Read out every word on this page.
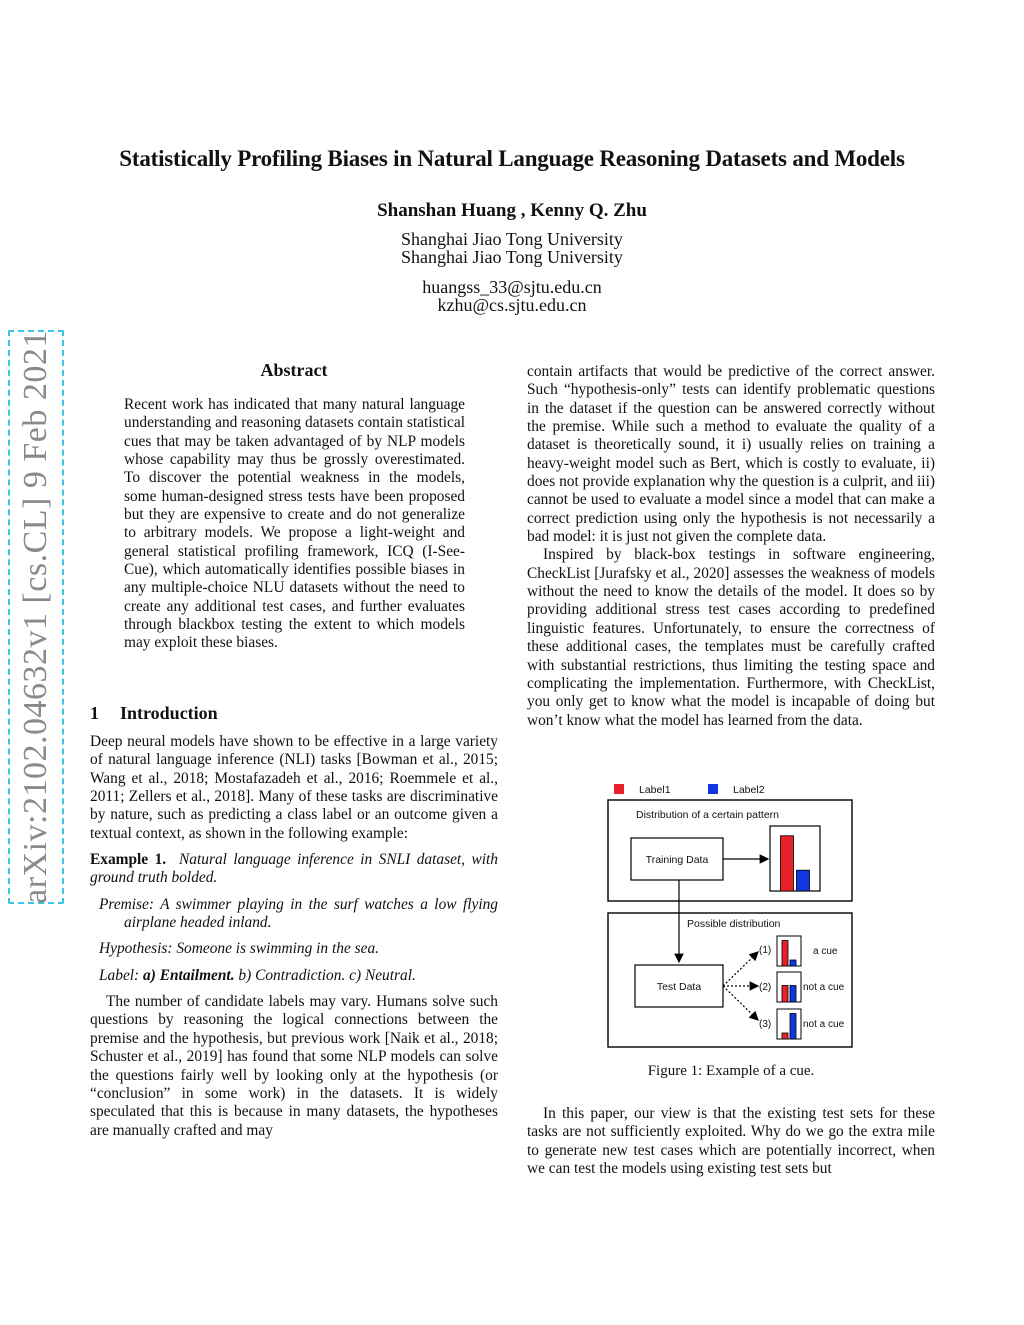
Statistically Profiling Biases in Natural Language Reasoning Datasets and Models
Shanshan Huang , Kenny Q. Zhu
Shanghai Jiao Tong University
Shanghai Jiao Tong University
huangss_33@sjtu.edu.cn
kzhu@cs.sjtu.edu.cn
arXiv:2102.04632v1 [cs.CL] 9 Feb 2021	Abstract

Recent work has indicated that many natural language understanding and reasoning datasets contain statistical cues that may be taken advantaged of by NLP models whose capability may thus be grossly overestimated. To discover the potential weakness in the models, some human-designed stress tests have been proposed but they are expensive to create and do not generalize to arbitrary models. We propose a light-weight and general statistical profiling framework, ICQ (I-See-Cue), which automatically identifies possible biases in any multiple-choice NLU datasets without the need to create any additional test cases, and further evaluates through blackbox testing the extent to which models may exploit these biases.

1 Introduction

Deep neural models have shown to be effective in a large variety of natural language inference (NLI) tasks [Bowman et al., 2015; Wang et al., 2018; Mostafazadeh et al., 2016; Roemmele et al., 2011; Zellers et al., 2018]. Many of these tasks are discriminative by nature, such as predicting a class label or an outcome given a textual context, as shown in the following example:

Example 1. Natural language inference in SNLI dataset, with ground truth bolded.

Premise: A swimmer playing in the surf watches a low flying airplane headed inland.

Hypothesis: Someone is swimming in the sea.

Label: a) Entailment. b) Contradiction. c) Neutral.

The number of candidate labels may vary. Humans solve such questions by reasoning the logical connections between the premise and the hypothesis, but previous work [Naik et al., 2018; Schuster et al., 2019] has found that some NLP models can solve the questions fairly well by looking only at the hypothesis (or “conclusion” in some work) in the datasets. It is widely speculated that this is because in many datasets, the hypotheses are manually crafted and may

contain artifacts that would be predictive of the correct answer. Such “hypothesis-only” tests can identify problematic questions in the dataset if the question can be answered correctly without the premise. While such a method to evaluate the quality of a dataset is theoretically sound, it i) usually relies on training a heavy-weight model such as Bert, which is costly to evaluate, ii) does not provide explanation why the question is a culprit, and iii) cannot be used to evaluate a model since a model that can make a correct prediction using only the hypothesis is not necessarily a bad model: it is just not given the complete data.

Inspired by black-box testings in software engineering, CheckList [Jurafsky et al., 2020] assesses the weakness of models without the need to know the details of the model. It does so by providing additional stress test cases according to predefined linguistic features. Unfortunately, to ensure the correctness of these additional cases, the templates must be carefully crafted with substantial restrictions, thus limiting the testing space and complicating the implementation. Furthermore, with CheckList, you only get to know what the model is incapable of doing but won’t know what the model has learned from the data.

Label1	Label2
Distribution of a certain pattern
Training Data
Possible distribution
Test Data
(1)	a cue
(2)	not a cue
(3)	not a cue
Figure 1: Example of a cue.

In this paper, our view is that the existing test sets for these tasks are not sufficiently exploited. Why do we go the extra mile to generate new test cases which are potentially incorrect, when we can test the models using existing test sets but
